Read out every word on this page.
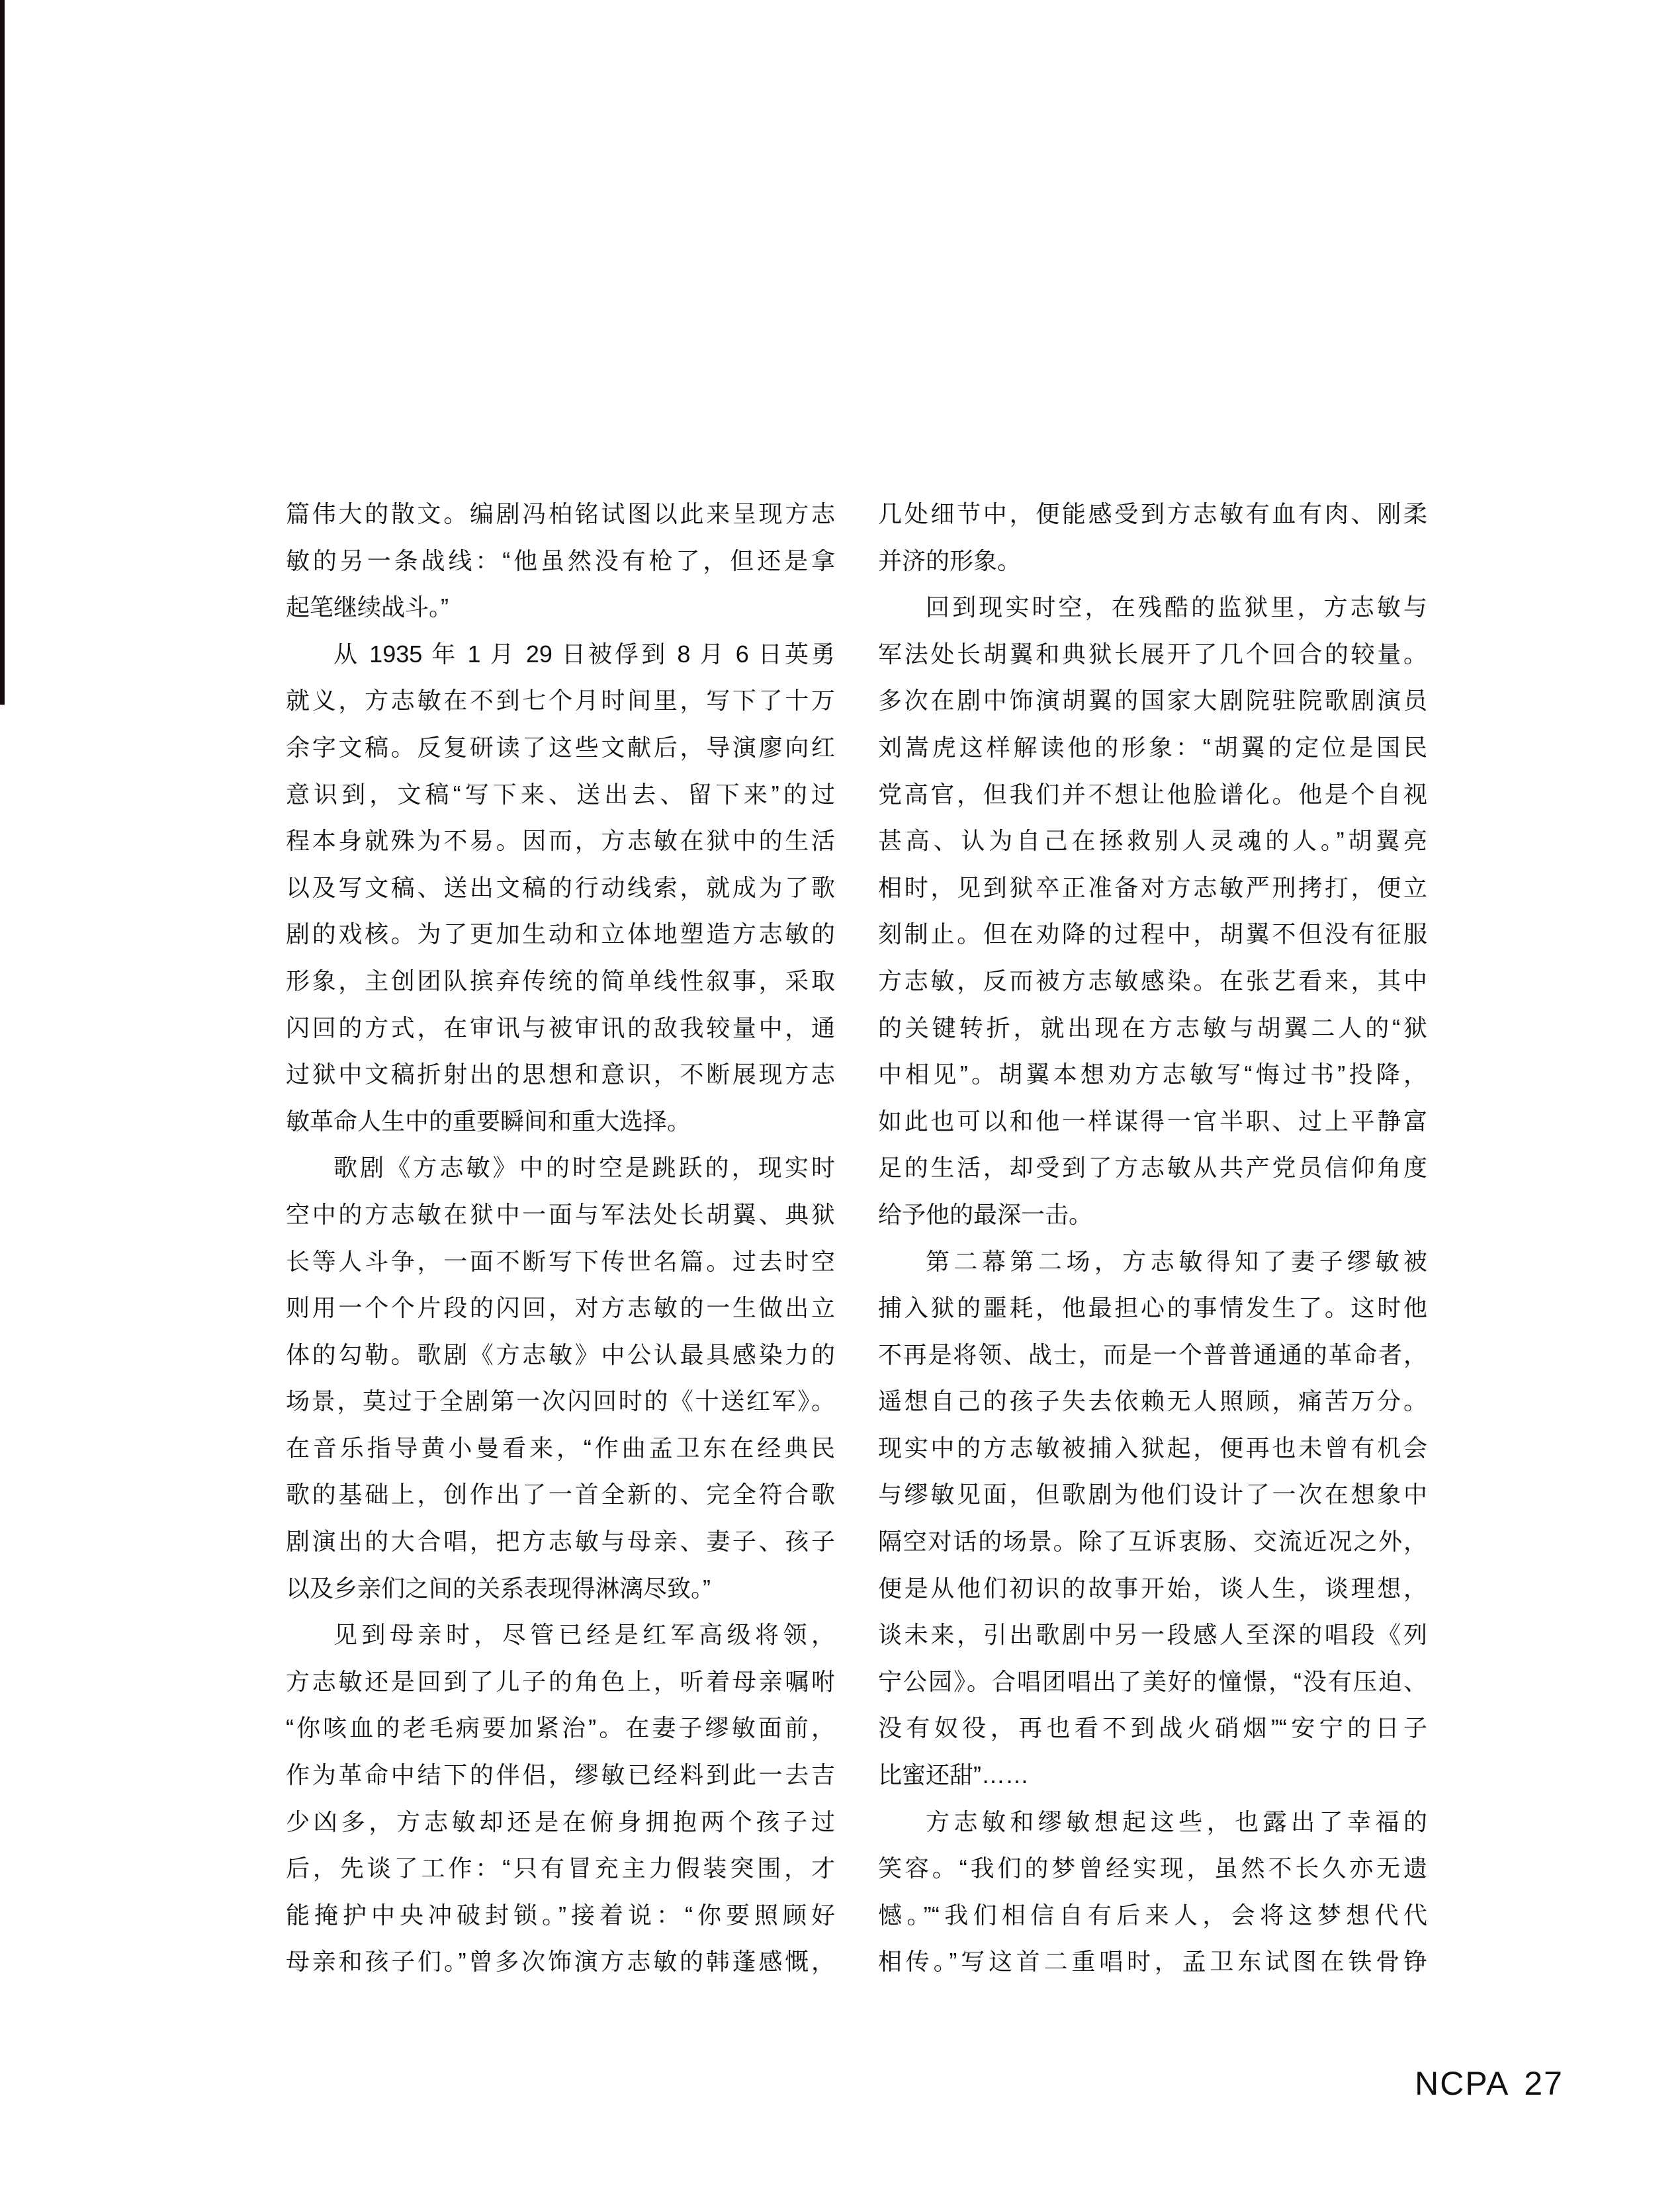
篇伟大的散文。编剧冯柏铭试图以此来呈现方志
敏的另一条战线：“他虽然没有枪了，但还是拿
起笔继续战斗。”
从 1935 年 1 月 29 日被俘到 8 月 6 日英勇
就义，方志敏在不到七个月时间里，写下了十万
余字文稿。反复研读了这些文献后，导演廖向红
意识到，文稿“写下来、送出去、留下来”的过
程本身就殊为不易。因而，方志敏在狱中的生活
以及写文稿、送出文稿的行动线索，就成为了歌
剧的戏核。为了更加生动和立体地塑造方志敏的
形象，主创团队摈弃传统的简单线性叙事，采取
闪回的方式，在审讯与被审讯的敌我较量中，通
过狱中文稿折射出的思想和意识，不断展现方志
敏革命人生中的重要瞬间和重大选择。
歌剧《方志敏》中的时空是跳跃的，现实时
空中的方志敏在狱中一面与军法处长胡翼、典狱
长等人斗争，一面不断写下传世名篇。过去时空
则用一个个片段的闪回，对方志敏的一生做出立
体的勾勒。歌剧《方志敏》中公认最具感染力的
场景，莫过于全剧第一次闪回时的《十送红军》。
在音乐指导黄小曼看来，“作曲孟卫东在经典民
歌的基础上，创作出了一首全新的、完全符合歌
剧演出的大合唱，把方志敏与母亲、妻子、孩子
以及乡亲们之间的关系表现得淋漓尽致。”
见到母亲时，尽管已经是红军高级将领，
方志敏还是回到了儿子的角色上，听着母亲嘱咐
“你咳血的老毛病要加紧治”。在妻子缪敏面前，
作为革命中结下的伴侣，缪敏已经料到此一去吉
少凶多，方志敏却还是在俯身拥抱两个孩子过
后，先谈了工作：“只有冒充主力假装突围，才
能掩护中央冲破封锁。”接着说：“你要照顾好
母亲和孩子们。”曾多次饰演方志敏的韩蓬感慨，
几处细节中，便能感受到方志敏有血有肉、刚柔
并济的形象。
回到现实时空，在残酷的监狱里，方志敏与
军法处长胡翼和典狱长展开了几个回合的较量。
多次在剧中饰演胡翼的国家大剧院驻院歌剧演员
刘嵩虎这样解读他的形象：“胡翼的定位是国民
党高官，但我们并不想让他脸谱化。他是个自视
甚高、认为自己在拯救别人灵魂的人。”胡翼亮
相时，见到狱卒正准备对方志敏严刑拷打，便立
刻制止。但在劝降的过程中，胡翼不但没有征服
方志敏，反而被方志敏感染。在张艺看来，其中
的关键转折，就出现在方志敏与胡翼二人的“狱
中相见”。胡翼本想劝方志敏写“悔过书”投降，
如此也可以和他一样谋得一官半职、过上平静富
足的生活，却受到了方志敏从共产党员信仰角度
给予他的最深一击。
第二幕第二场，方志敏得知了妻子缪敏被
捕入狱的噩耗，他最担心的事情发生了。这时他
不再是将领、战士，而是一个普普通通的革命者，
遥想自己的孩子失去依赖无人照顾，痛苦万分。
现实中的方志敏被捕入狱起，便再也未曾有机会
与缪敏见面，但歌剧为他们设计了一次在想象中
隔空对话的场景。除了互诉衷肠、交流近况之外，
便是从他们初识的故事开始，谈人生，谈理想，
谈未来，引出歌剧中另一段感人至深的唱段《列
宁公园》。合唱团唱出了美好的憧憬，“没有压迫、
没有奴役，再也看不到战火硝烟”“安宁的日子
比蜜还甜”……
方志敏和缪敏想起这些，也露出了幸福的
笑容。“我们的梦曾经实现，虽然不长久亦无遗
憾。”“我们相信自有后来人，会将这梦想代代
相传。”写这首二重唱时，孟卫东试图在铁骨铮
NCPA 27
